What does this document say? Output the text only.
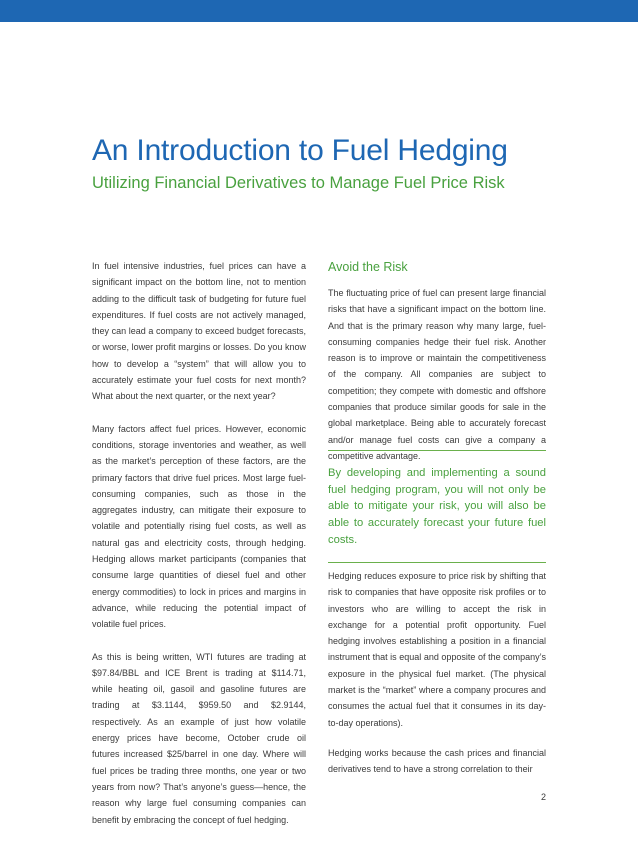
An Introduction to Fuel Hedging
Utilizing Financial Derivatives to Manage Fuel Price Risk

In fuel intensive industries, fuel prices can have a significant impact on the bottom line, not to mention adding to the difficult task of budgeting for future fuel expenditures. If fuel costs are not actively managed, they can lead a company to exceed budget forecasts, or worse, lower profit margins or losses. Do you know how to develop a “system” that will allow you to accurately estimate your fuel costs for next month? What about the next quarter, or the next year?

Many factors affect fuel prices. However, economic conditions, storage inventories and weather, as well as the market’s perception of these factors, are the primary factors that drive fuel prices. Most large fuel-consuming companies, such as those in the aggregates industry, can mitigate their exposure to volatile and potentially rising fuel costs, as well as natural gas and electricity costs, through hedging. Hedging allows market participants (companies that consume large quantities of diesel fuel and other energy commodities) to lock in prices and margins in advance, while reducing the potential impact of volatile fuel prices.

As this is being written, WTI futures are trading at $97.84/BBL and ICE Brent is trading at $114.71, while heating oil, gasoil and gasoline futures are trading at $3.1144, $959.50 and $2.9144, respectively. As an example of just how volatile energy prices have become, October crude oil futures increased $25/barrel in one day. Where will fuel prices be trading three months, one year or two years from now? That’s anyone’s guess—hence, the reason why large fuel consuming companies can benefit by embracing the concept of fuel hedging.

Avoid the Risk

The fluctuating price of fuel can present large financial risks that have a significant impact on the bottom line. And that is the primary reason why many large, fuel-consuming companies hedge their fuel risk. Another reason is to improve or maintain the competitiveness of the company. All companies are subject to competition; they compete with domestic and offshore companies that produce similar goods for sale in the global marketplace. Being able to accurately forecast and/or manage fuel costs can give a company a competitive advantage.

By developing and implementing a sound fuel hedging program, you will not only be able to mitigate your risk, you will also be able to accurately forecast your future fuel costs.

Hedging reduces exposure to price risk by shifting that risk to companies that have opposite risk profiles or to investors who are willing to accept the risk in exchange for a potential profit opportunity. Fuel hedging involves establishing a position in a financial instrument that is equal and opposite of the company’s exposure in the physical fuel market. (The physical market is the “market” where a company procures and consumes the actual fuel that it consumes in its day-to-day operations).

Hedging works because the cash prices and financial derivatives tend to have a strong correlation to their

2
